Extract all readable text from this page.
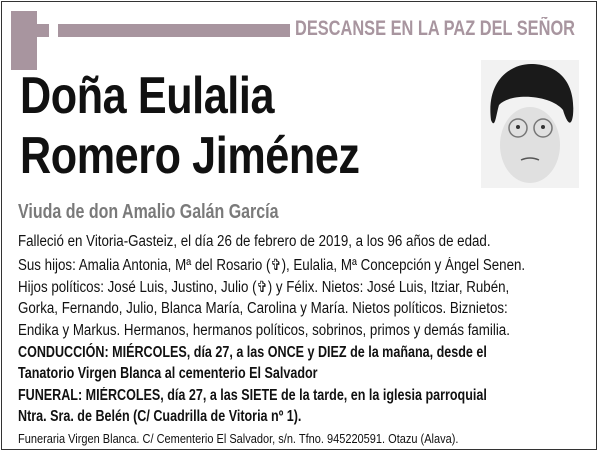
DESCANSE EN LA PAZ DEL SEÑOR
Doña Eulalia
Romero Jiménez
Viuda de don Amalio Galán García
Falleció en Vitoria-Gasteiz, el día 26 de febrero de 2019, a los 96 años de edad.
Sus hijos: Amalia Antonia, Mª del Rosario (✞), Eulalia, Mª Concepción y Ángel Senen.
Hijos políticos: José Luis, Justino, Julio (✞) y Félix. Nietos: José Luis, Itziar, Rubén,
Gorka, Fernando, Julio, Blanca María, Carolina y María. Nietos políticos. Biznietos:
Endika y Markus. Hermanos, hermanos políticos, sobrinos, primos y demás familia.
CONDUCCIÓN: MIÉRCOLES, día 27, a las ONCE y DIEZ de la mañana, desde el
Tanatorio Virgen Blanca al cementerio El Salvador
FUNERAL: MIÉRCOLES, día 27, a las SIETE de la tarde, en la iglesia parroquial
Ntra. Sra. de Belén (C/ Cuadrilla de Vitoria nº 1).
Funeraria Virgen Blanca. C/ Cementerio El Salvador, s/n. Tfno. 945220591. Otazu (Alava).
